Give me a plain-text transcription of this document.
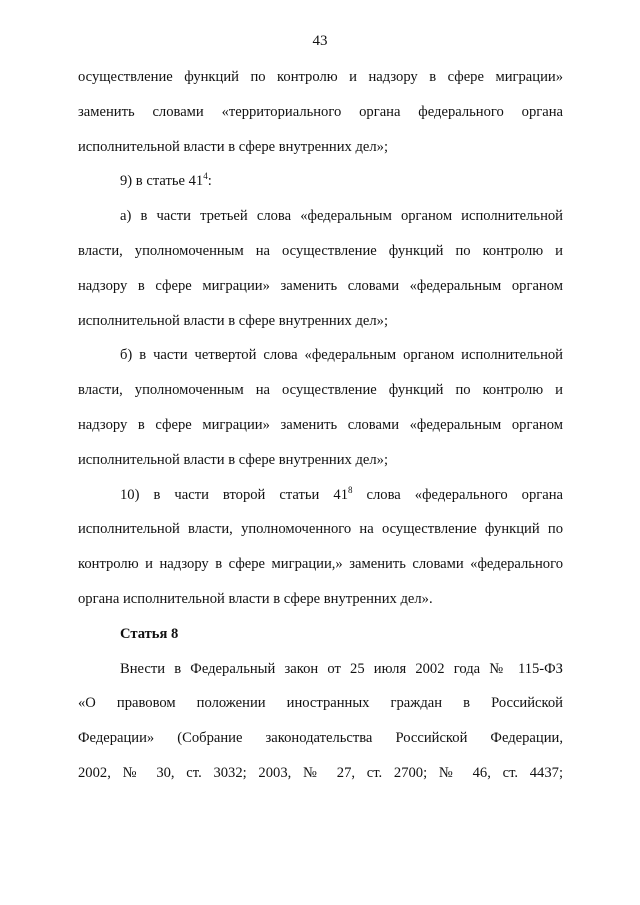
43
осуществление функций по контролю и надзору в сфере миграции»
заменить словами «территориального органа федерального органа
исполнительной власти в сфере внутренних дел»;
9) в статье $41^4$:
а) в части третьей слова «федеральным органом исполнительной
власти, уполномоченным на осуществление функций по контролю и
надзору в сфере миграции» заменить словами «федеральным органом
исполнительной власти в сфере внутренних дел»;
б) в части четвертой слова «федеральным органом исполнительной
власти, уполномоченным на осуществление функций по контролю и
надзору в сфере миграции» заменить словами «федеральным органом
исполнительной власти в сфере внутренних дел»;
10) в части второй статьи $41^8$ слова «федерального органа
исполнительной власти, уполномоченного на осуществление функций по
контролю и надзору в сфере миграции,» заменить словами «федерального
органа исполнительной власти в сфере внутренних дел».
Статья 8
Внести в Федеральный закон от 25 июля 2002 года № 115-ФЗ
«О правовом положении иностранных граждан в Российской
Федерации» (Собрание законодательства Российской Федерации,
2002, № 30, ст. 3032; 2003, № 27, ст. 2700; № 46, ст. 4437;
